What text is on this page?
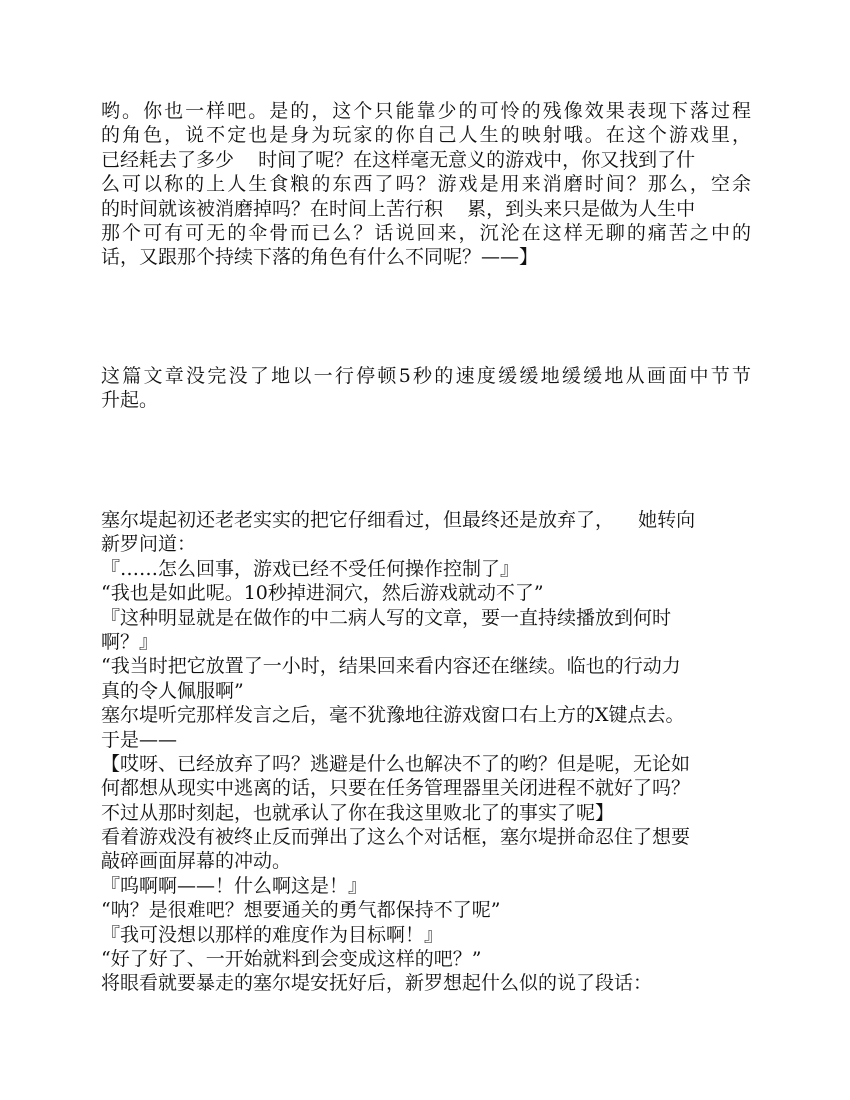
哟。你也一样吧。是的，这个只能靠少的可怜的残像效果表现下落过程
的角色，说不定也是身为玩家的你自己人生的映射哦。在这个游戏里，
已经耗去了多少    时间了呢？在这样毫无意义的游戏中，你又找到了什
么可以称的上人生食粮的东西了吗？游戏是用来消磨时间？那么，空余
的时间就该被消磨掉吗？在时间上苦行积    累，到头来只是做为人生中
那个可有可无的伞骨而已么？话说回来，沉沦在这样无聊的痛苦之中的
话，又跟那个持续下落的角色有什么不同呢？——】
这篇文章没完没了地以一行停顿5秒的速度缓缓地缓缓地从画面中节节
升起。
塞尔堤起初还老老实实的把它仔细看过，但最终还是放弃了，    她转向
新罗问道：
『……怎么回事，游戏已经不受任何操作控制了』
“我也是如此呢。10秒掉进洞穴，然后游戏就动不了”
『这种明显就是在做作的中二病人写的文章，要一直持续播放到何时
啊？』
“我当时把它放置了一小时，结果回来看内容还在继续。临也的行动力
真的令人佩服啊”
塞尔堤听完那样发言之后，毫不犹豫地往游戏窗口右上方的X键点去。
于是——
【哎呀、已经放弃了吗？逃避是什么也解决不了的哟？但是呢，无论如
何都想从现实中逃离的话，只要在任务管理器里关闭进程不就好了吗？
不过从那时刻起，也就承认了你在我这里败北了的事实了呢】
看着游戏没有被终止反而弹出了这么个对话框，塞尔堤拼命忍住了想要
敲碎画面屏幕的冲动。
『呜啊啊——！什么啊这是！』
“呐？是很难吧？想要通关的勇气都保持不了呢”
『我可没想以那样的难度作为目标啊！』
“好了好了、一开始就料到会变成这样的吧？”
将眼看就要暴走的塞尔堤安抚好后，新罗想起什么似的说了段话：
